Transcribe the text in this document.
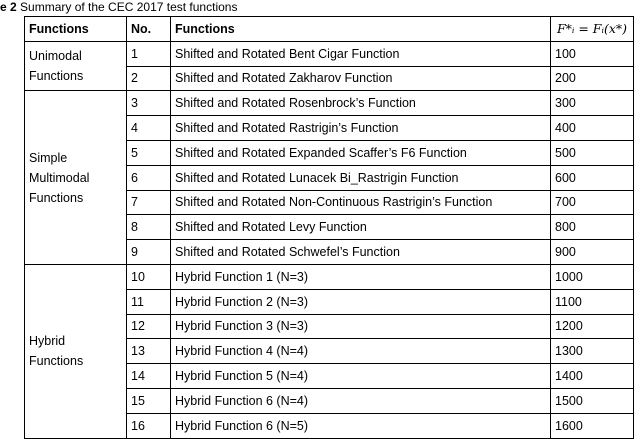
e 2 Summary of the CEC 2017 test functions
Functions	No.	Functions	F*ᵢ = Fᵢ(x*)
Unimodal Functions	1	Shifted and Rotated Bent Cigar Function	100
	2	Shifted and Rotated Zakharov Function	200
Simple Multimodal Functions	3	Shifted and Rotated Rosenbrock’s Function	300
	4	Shifted and Rotated Rastrigin’s Function	400
	5	Shifted and Rotated Expanded Scaffer’s F6 Function	500
	6	Shifted and Rotated Lunacek Bi_Rastrigin Function	600
	7	Shifted and Rotated Non-Continuous Rastrigin’s Function	700
	8	Shifted and Rotated Levy Function	800
	9	Shifted and Rotated Schwefel’s Function	900
Hybrid Functions	10	Hybrid Function 1 (N=3)	1000
	11	Hybrid Function 2 (N=3)	1100
	12	Hybrid Function 3 (N=3)	1200
	13	Hybrid Function 4 (N=4)	1300
	14	Hybrid Function 5 (N=4)	1400
	15	Hybrid Function 6 (N=4)	1500
	16	Hybrid Function 6 (N=5)	1600
